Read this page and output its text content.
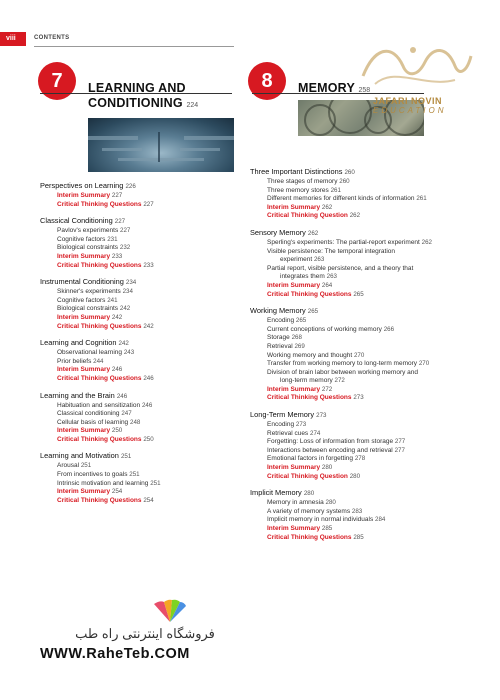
viii	CONTENTS
7	LEARNING AND
CONDITIONING 224
8	MEMORY 258
JAFARI NOVIN
EDUCATION
Perspectives on Learning 226
Interim Summary 227
Critical Thinking Questions 227
Classical Conditioning 227
Pavlov's experiments 227
Cognitive factors 231
Biological constraints 232
Interim Summary 233
Critical Thinking Questions 233
Instrumental Conditioning 234
Skinner's experiments 234
Cognitive factors 241
Biological constraints 242
Interim Summary 242
Critical Thinking Questions 242
Learning and Cognition 242
Observational learning 243
Prior beliefs 244
Interim Summary 246
Critical Thinking Questions 246
Learning and the Brain 246
Habituation and sensitization 246
Classical conditioning 247
Cellular basis of learning 248
Interim Summary 250
Critical Thinking Questions 250
Learning and Motivation 251
Arousal 251
From incentives to goals 251
Intrinsic motivation and learning 251
Interim Summary 254
Critical Thinking Questions 254
Three Important Distinctions 260
Three stages of memory 260
Three memory stores 261
Different memories for different kinds of information 261
Interim Summary 262
Critical Thinking Question 262
Sensory Memory 262
Sperling's experiments: The partial-report experiment 262
Visible persistence: The temporal integration
experiment 263
Partial report, visible persistence, and a theory that
integrates them 263
Interim Summary 264
Critical Thinking Questions 265
Working Memory 265
Encoding 265
Current conceptions of working memory 266
Storage 268
Retrieval 269
Working memory and thought 270
Transfer from working memory to long-term memory 270
Division of brain labor between working memory and
long-term memory 272
Interim Summary 272
Critical Thinking Questions 273
Long-Term Memory 273
Encoding 273
Retrieval cues 274
Forgetting: Loss of information from storage 277
Interactions between encoding and retrieval 277
Emotional factors in forgetting 278
Interim Summary 280
Critical Thinking Question 280
Implicit Memory 280
Memory in amnesia 280
A variety of memory systems 283
Implicit memory in normal individuals 284
Interim Summary 285
Critical Thinking Questions 285
فروشگاه اینترنتی راه طب
WWW.RaheTeb.COM
